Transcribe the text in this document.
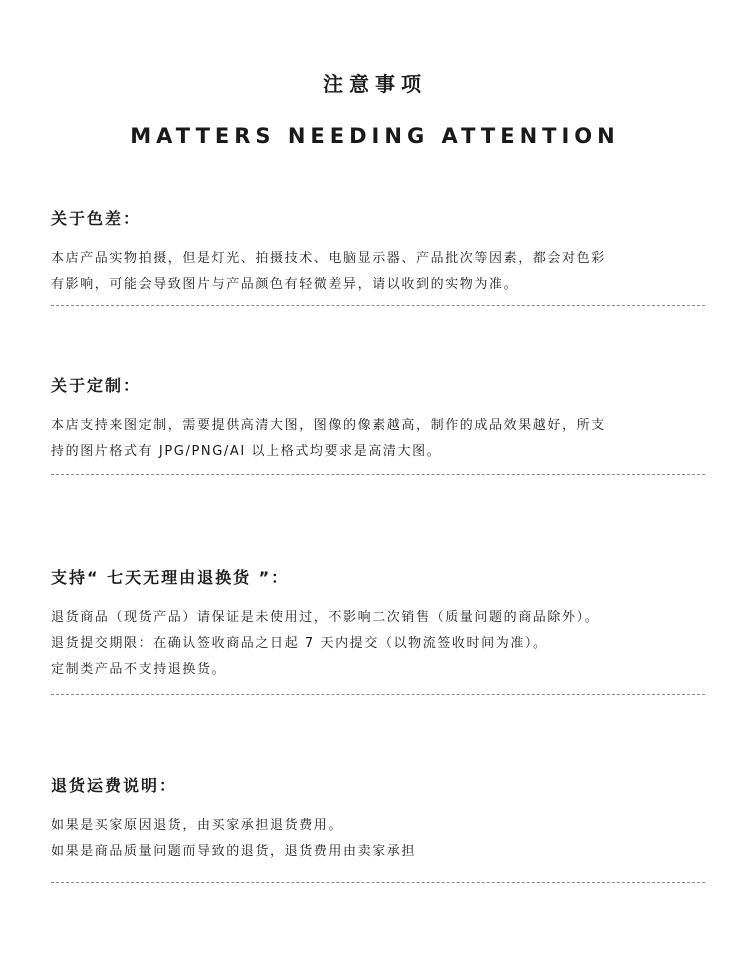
注意事项
MATTERS NEEDING ATTENTION
关于色差：
本店产品实物拍摄，但是灯光、拍摄技术、电脑显示器、产品批次等因素，都会对色彩
有影响，可能会导致图片与产品颜色有轻微差异，请以收到的实物为准。
关于定制：
本店支持来图定制，需要提供高清大图，图像的像素越高，制作的成品效果越好，所支
持的图片格式有 JPG/PNG/AI 以上格式均要求是高清大图。
支持“ 七天无理由退换货 ”：
退货商品（现货产品）请保证是未使用过，不影响二次销售（质量问题的商品除外）。
退货提交期限：在确认签收商品之日起 7 天内提交（以物流签收时间为准）。
定制类产品不支持退换货。
退货运费说明：
如果是买家原因退货，由买家承担退货费用。
如果是商品质量问题而导致的退货，退货费用由卖家承担
